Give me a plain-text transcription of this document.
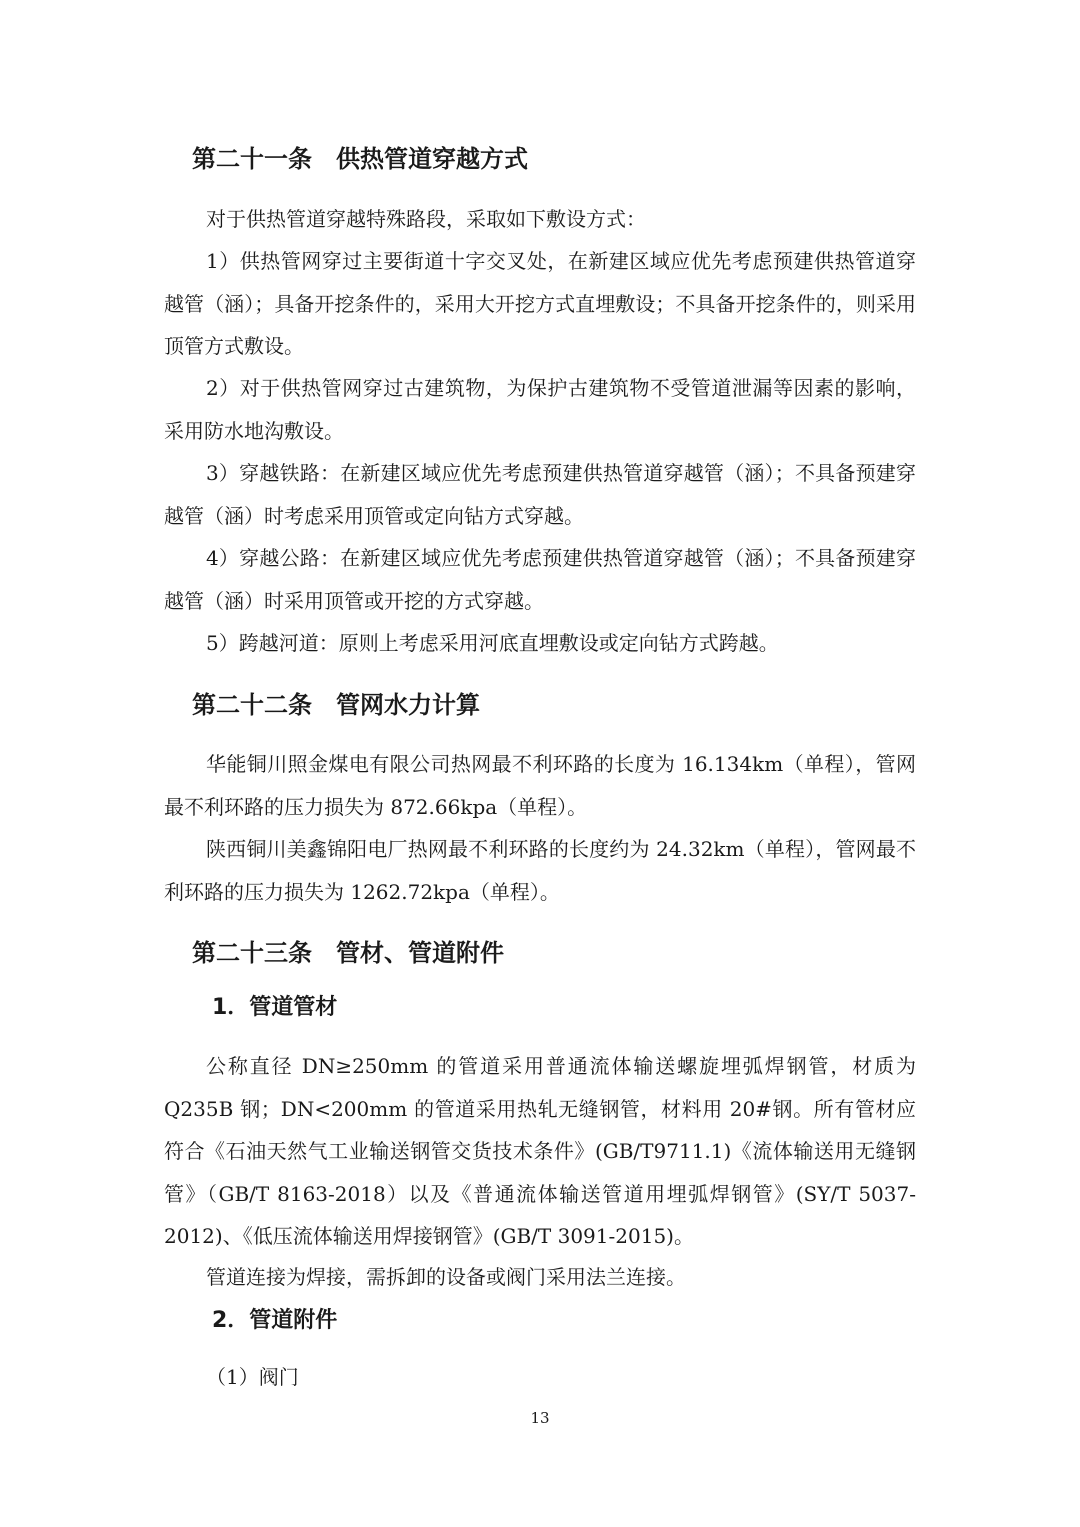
第二十一条　供热管道穿越方式

对于供热管道穿越特殊路段，采取如下敷设方式：

1）供热管网穿过主要街道十字交叉处，在新建区域应优先考虑预建供热管道穿越管（涵）；具备开挖条件的，采用大开挖方式直埋敷设；不具备开挖条件的，则采用顶管方式敷设。

2）对于供热管网穿过古建筑物，为保护古建筑物不受管道泄漏等因素的影响，采用防水地沟敷设。

3）穿越铁路：在新建区域应优先考虑预建供热管道穿越管（涵）；不具备预建穿越管（涵）时考虑采用顶管或定向钻方式穿越。

4）穿越公路：在新建区域应优先考虑预建供热管道穿越管（涵）；不具备预建穿越管（涵）时采用顶管或开挖的方式穿越。

5）跨越河道：原则上考虑采用河底直埋敷设或定向钻方式跨越。

第二十二条　管网水力计算

华能铜川照金煤电有限公司热网最不利环路的长度为 16.134km（单程），管网最不利环路的压力损失为 872.66kpa（单程）。

陕西铜川美鑫锦阳电厂热网最不利环路的长度约为 24.32km（单程），管网最不利环路的压力损失为 1262.72kpa（单程）。

第二十三条　管材、管道附件
1．管道管材

公称直径 DN≥250mm 的管道采用普通流体输送螺旋埋弧焊钢管，材质为 Q235B 钢；DN<200mm 的管道采用热轧无缝钢管，材料用 20#钢。所有管材应符合《石油天然气工业输送钢管交货技术条件》(GB/T9711.1)《流体输送用无缝钢管》（GB/T 8163-2018）以及《普通流体输送管道用埋弧焊钢管》(SY/T 5037-2012)、《低压流体输送用焊接钢管》(GB/T 3091-2015)。

管道连接为焊接，需拆卸的设备或阀门采用法兰连接。

2．管道附件

（1）阀门

13
